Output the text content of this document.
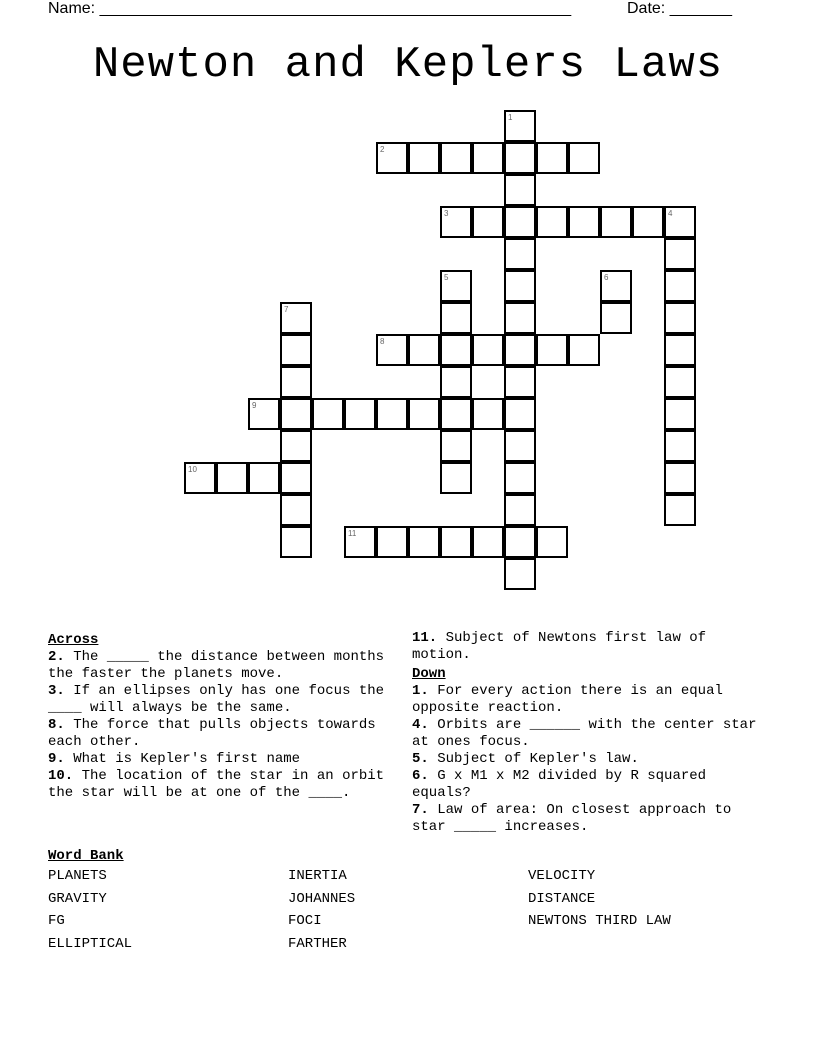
Name: _____________________________________________________	Date: _______
Newton and Keplers Laws
1
2
3	4
5	6
7
8
9
10
11
Across
2. The _____ the distance between months the faster the planets move.
3. If an ellipses only has one focus the ____ will always be the same.
8. The force that pulls objects towards each other.
9. What is Kepler's first name
10. The location of the star in an orbit the star will be at one of the ____.
11. Subject of Newtons first law of motion.
Down
1. For every action there is an equal opposite reaction.
4. Orbits are ______ with the center star at ones focus.
5. Subject of Kepler's law.
6. G x M1 x M2 divided by R squared equals?
7. Law of area: On closest approach to star _____ increases.
Word Bank
PLANETS	INERTIA	VELOCITY
GRAVITY	JOHANNES	DISTANCE
FG	FOCI	NEWTONS THIRD LAW
ELLIPTICAL	FARTHER
